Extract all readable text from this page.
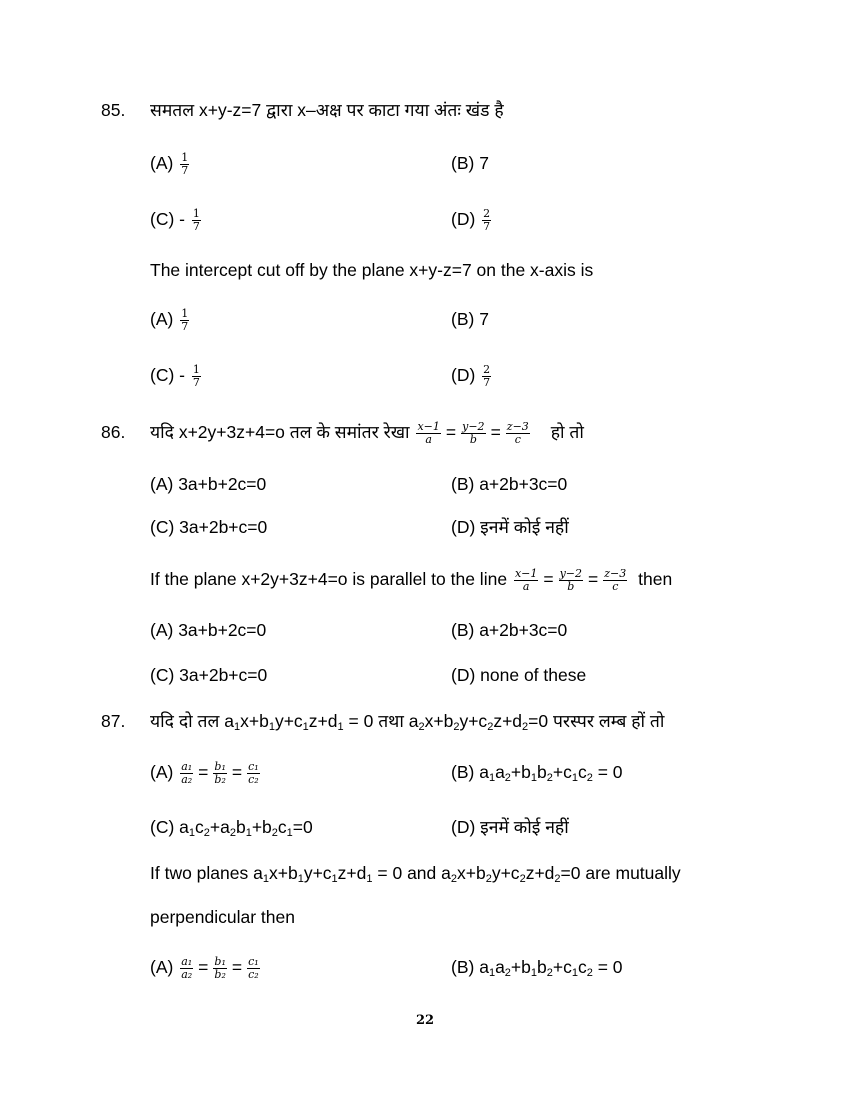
85. समतल x+y-z=7 द्वारा x–अक्ष पर काटा गया अंतः खंड है
$(A) \frac{1}{7}$	(B) 7
$(C) - \frac{1}{7}$	$(D) \frac{2}{7}$
The intercept cut off by the plane x+y-z=7 on the x-axis is
$(A) \frac{1}{7}$	(B) 7
$(C) - \frac{1}{7}$	$(D) \frac{2}{7}$
86. यदि x+2y+3z+4=o तल के समांतर रेखा $\frac{x-1}{a} = \frac{y-2}{b} = \frac{z-3}{c}$ हो तो
(A) 3a+b+2c=0	(B) a+2b+3c=0
(C) 3a+2b+c=0	(D) इनमें कोई नहीं
If the plane x+2y+3z+4=o is parallel to the line $\frac{x-1}{a} = \frac{y-2}{b} = \frac{z-3}{c}$ then
(A) 3a+b+2c=0	(B) a+2b+3c=0
(C) 3a+2b+c=0	(D) none of these
87. यदि दो तल $a_1x+b_1y+c_1z+d_1 = 0$ तथा $a_2x+b_2y+c_2z+d_2=0$ परस्पर लम्ब हों तो
$(A) \frac{\text{a₁}}{\text{a₂}} = \frac{\text{b₁}}{\text{b₂}} = \frac{\text{c₁}}{\text{c₂}}$	(B) $a_1a_2+b_1b_2+c_1c_2 = 0$
(C) $a_1c_2+a_2b_1+b_2c_1=0$	(D) इनमें कोई नहीं
If two planes $a_1x+b_1y+c_1z+d_1 = 0$ and $a_2x+b_2y+c_2z+d_2=0$ are mutually
perpendicular then
$(A) \frac{\text{a₁}}{\text{a₂}} = \frac{\text{b₁}}{\text{b₂}} = \frac{\text{c₁}}{\text{c₂}}$	(B) $a_1a_2+b_1b_2+c_1c_2 = 0$
22
